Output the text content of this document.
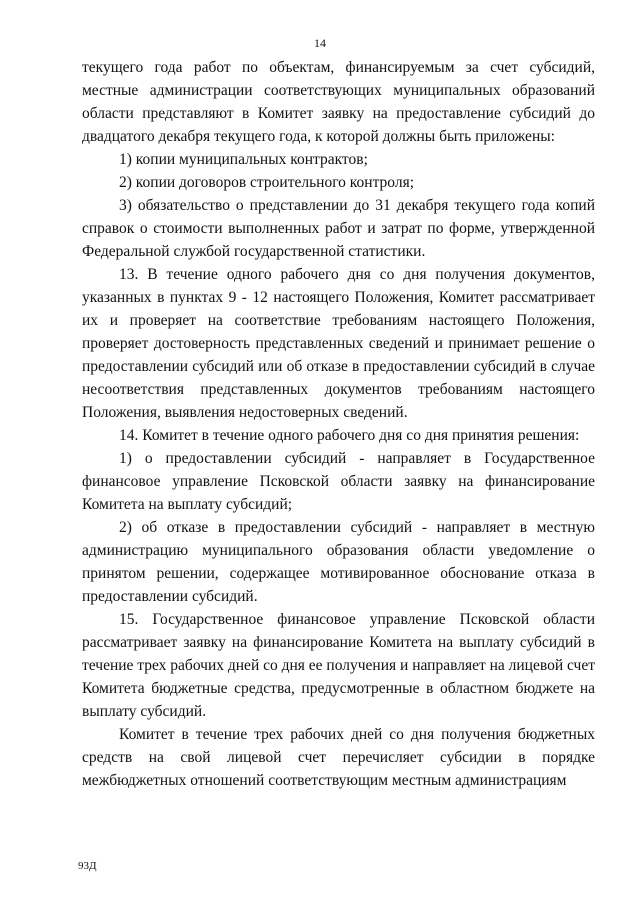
14

текущего года работ по объектам, финансируемым за счет субсидий, местные администрации соответствующих муниципальных образований области представляют в Комитет заявку на предоставление субсидий до двадцатого декабря текущего года, к которой должны быть приложены:

1) копии муниципальных контрактов;

2) копии договоров строительного контроля;

3) обязательство о представлении до 31 декабря текущего года копий справок о стоимости выполненных работ и затрат по форме, утвержденной Федеральной службой государственной статистики.

13. В течение одного рабочего дня со дня получения документов, указанных в пунктах 9 - 12 настоящего Положения, Комитет рассматривает их и проверяет на соответствие требованиям настоящего Положения, проверяет достоверность представленных сведений и принимает решение о предоставлении субсидий или об отказе в предоставлении субсидий в случае несоответствия представленных документов требованиям настоящего Положения, выявления недостоверных сведений.

14. Комитет в течение одного рабочего дня со дня принятия решения:

1) о предоставлении субсидий - направляет в Государственное финансовое управление Псковской области заявку на финансирование Комитета на выплату субсидий;

2) об отказе в предоставлении субсидий - направляет в местную администрацию муниципального образования области уведомление о принятом решении, содержащее мотивированное обоснование отказа в предоставлении субсидий.

15. Государственное финансовое управление Псковской области рассматривает заявку на финансирование Комитета на выплату субсидий в течение трех рабочих дней со дня ее получения и направляет на лицевой счет Комитета бюджетные средства, предусмотренные в областном бюджете на выплату субсидий.

Комитет в течение трех рабочих дней со дня получения бюджетных средств на свой лицевой счет перечисляет субсидии в порядке межбюджетных отношений соответствующим местным администрациям

93Д
